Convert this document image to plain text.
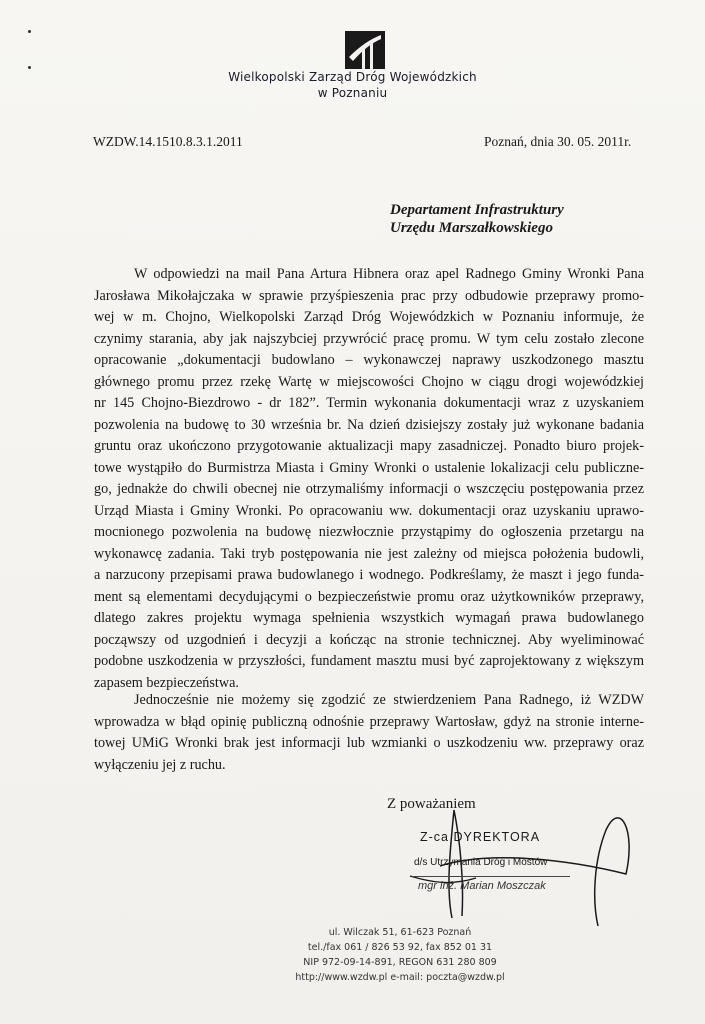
Wielkopolski Zarząd Dróg Wojewódzkich
w Poznaniu
WZDW.14.1510.8.3.1.2011	Poznań, dnia 30. 05. 2011r.
Departament Infrastruktury
Urzędu Marszałkowskiego
W odpowiedzi na mail Pana Artura Hibnera oraz apel Radnego Gminy Wronki Pana
Jarosława Mikołajczaka w sprawie przyśpieszenia prac przy odbudowie przeprawy promo-
wej w m. Chojno, Wielkopolski Zarząd Dróg Wojewódzkich w Poznaniu informuje, że
czynimy starania, aby jak najszybciej przywrócić pracę promu. W tym celu zostało zlecone
opracowanie „dokumentacji budowlano – wykonawczej naprawy uszkodzonego masztu
głównego promu przez rzekę Wartę w miejscowości Chojno w ciągu drogi wojewódzkiej
nr 145 Chojno-Biezdrowo - dr 182”. Termin wykonania dokumentacji wraz z uzyskaniem
pozwolenia na budowę to 30 września br. Na dzień dzisiejszy zostały już wykonane badania
gruntu oraz ukończono przygotowanie aktualizacji mapy zasadniczej. Ponadto biuro projek-
towe wystąpiło do Burmistrza Miasta i Gminy Wronki o ustalenie lokalizacji celu publiczne-
go, jednakże do chwili obecnej nie otrzymaliśmy informacji o wszczęciu postępowania przez
Urząd Miasta i Gminy Wronki. Po opracowaniu ww. dokumentacji oraz uzyskaniu uprawo-
mocnionego pozwolenia na budowę niezwłocznie przystąpimy do ogłoszenia przetargu na
wykonawcę zadania. Taki tryb postępowania nie jest zależny od miejsca położenia budowli,
a narzucony przepisami prawa budowlanego i wodnego. Podkreślamy, że maszt i jego funda-
ment są elementami decydującymi o bezpieczeństwie promu oraz użytkowników przeprawy,
dlatego zakres projektu wymaga spełnienia wszystkich wymagań prawa budowlanego
począwszy od uzgodnień i decyzji a kończąc na stronie technicznej. Aby wyeliminować
podobne uszkodzenia w przyszłości, fundament masztu musi być zaprojektowany z większym
zapasem bezpieczeństwa.
Jednocześnie nie możemy się zgodzić ze stwierdzeniem Pana Radnego, iż WZDW
wprowadza w błąd opinię publiczną odnośnie przeprawy Wartosław, gdyż na stronie interne-
towej UMiG Wronki brak jest informacji lub wzmianki o uszkodzeniu ww. przeprawy oraz
wyłączeniu jej z ruchu.
Z poważaniem
Z-ca DYREKTORA
d/s Utrzymania Dróg i Mostów
mgr inż. Marian Moszczak
ul. Wilczak 51, 61-623 Poznań
tel./fax 061 / 826 53 92, fax 852 01 31
NIP 972-09-14-891, REGON 631 280 809
http://www.wzdw.pl e-mail: poczta@wzdw.pl
